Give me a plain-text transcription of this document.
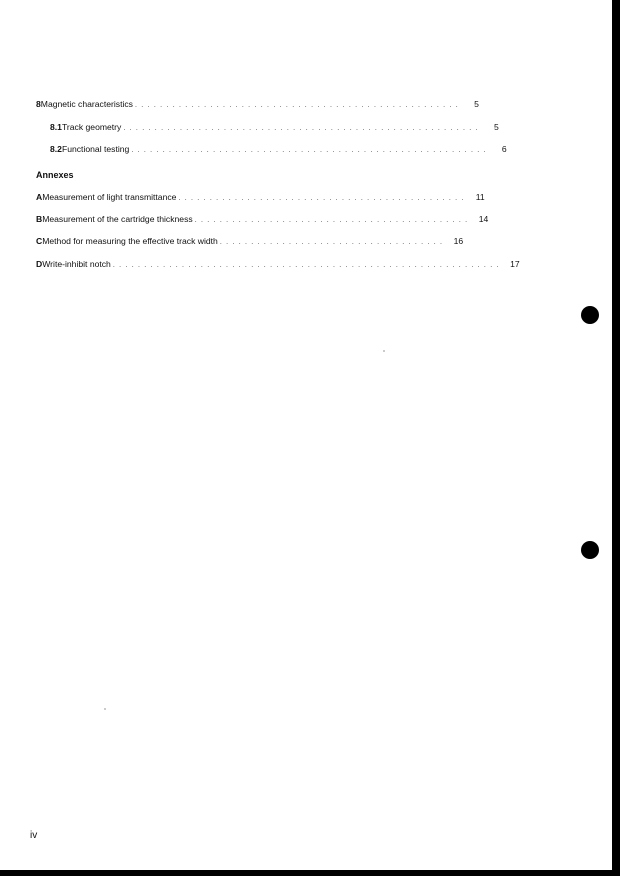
8 Magnetic characteristics . . . . . . . . . . . . . . . . . . . . . . . . . . . . . . . . . . . . . . . . . . . . . . . . . . . .	5
8.1 Track geometry . . . . . . . . . . . . . . . . . . . . . . . . . . . . . . . . . . . . . . . . . . . . . . . . . . . . . . . . .	5
8.2 Functional testing . . . . . . . . . . . . . . . . . . . . . . . . . . . . . . . . . . . . . . . . . . . . . . . . . . . . . . . . .	6
Annexes
A Measurement of light transmittance . . . . . . . . . . . . . . . . . . . . . . . . . . . . . . . . . . . . . . . . . . . . . .	11
B Measurement of the cartridge thickness . . . . . . . . . . . . . . . . . . . . . . . . . . . . . . . . . . . . . . . . . . . .	14
C Method for measuring the effective track width . . . . . . . . . . . . . . . . . . . . . . . . . . . . . . . . . . . .	16
D Write-inhibit notch . . . . . . . . . . . . . . . . . . . . . . . . . . . . . . . . . . . . . . . . . . . . . . . . . . . . . . . . . . . . . .	17
iv
